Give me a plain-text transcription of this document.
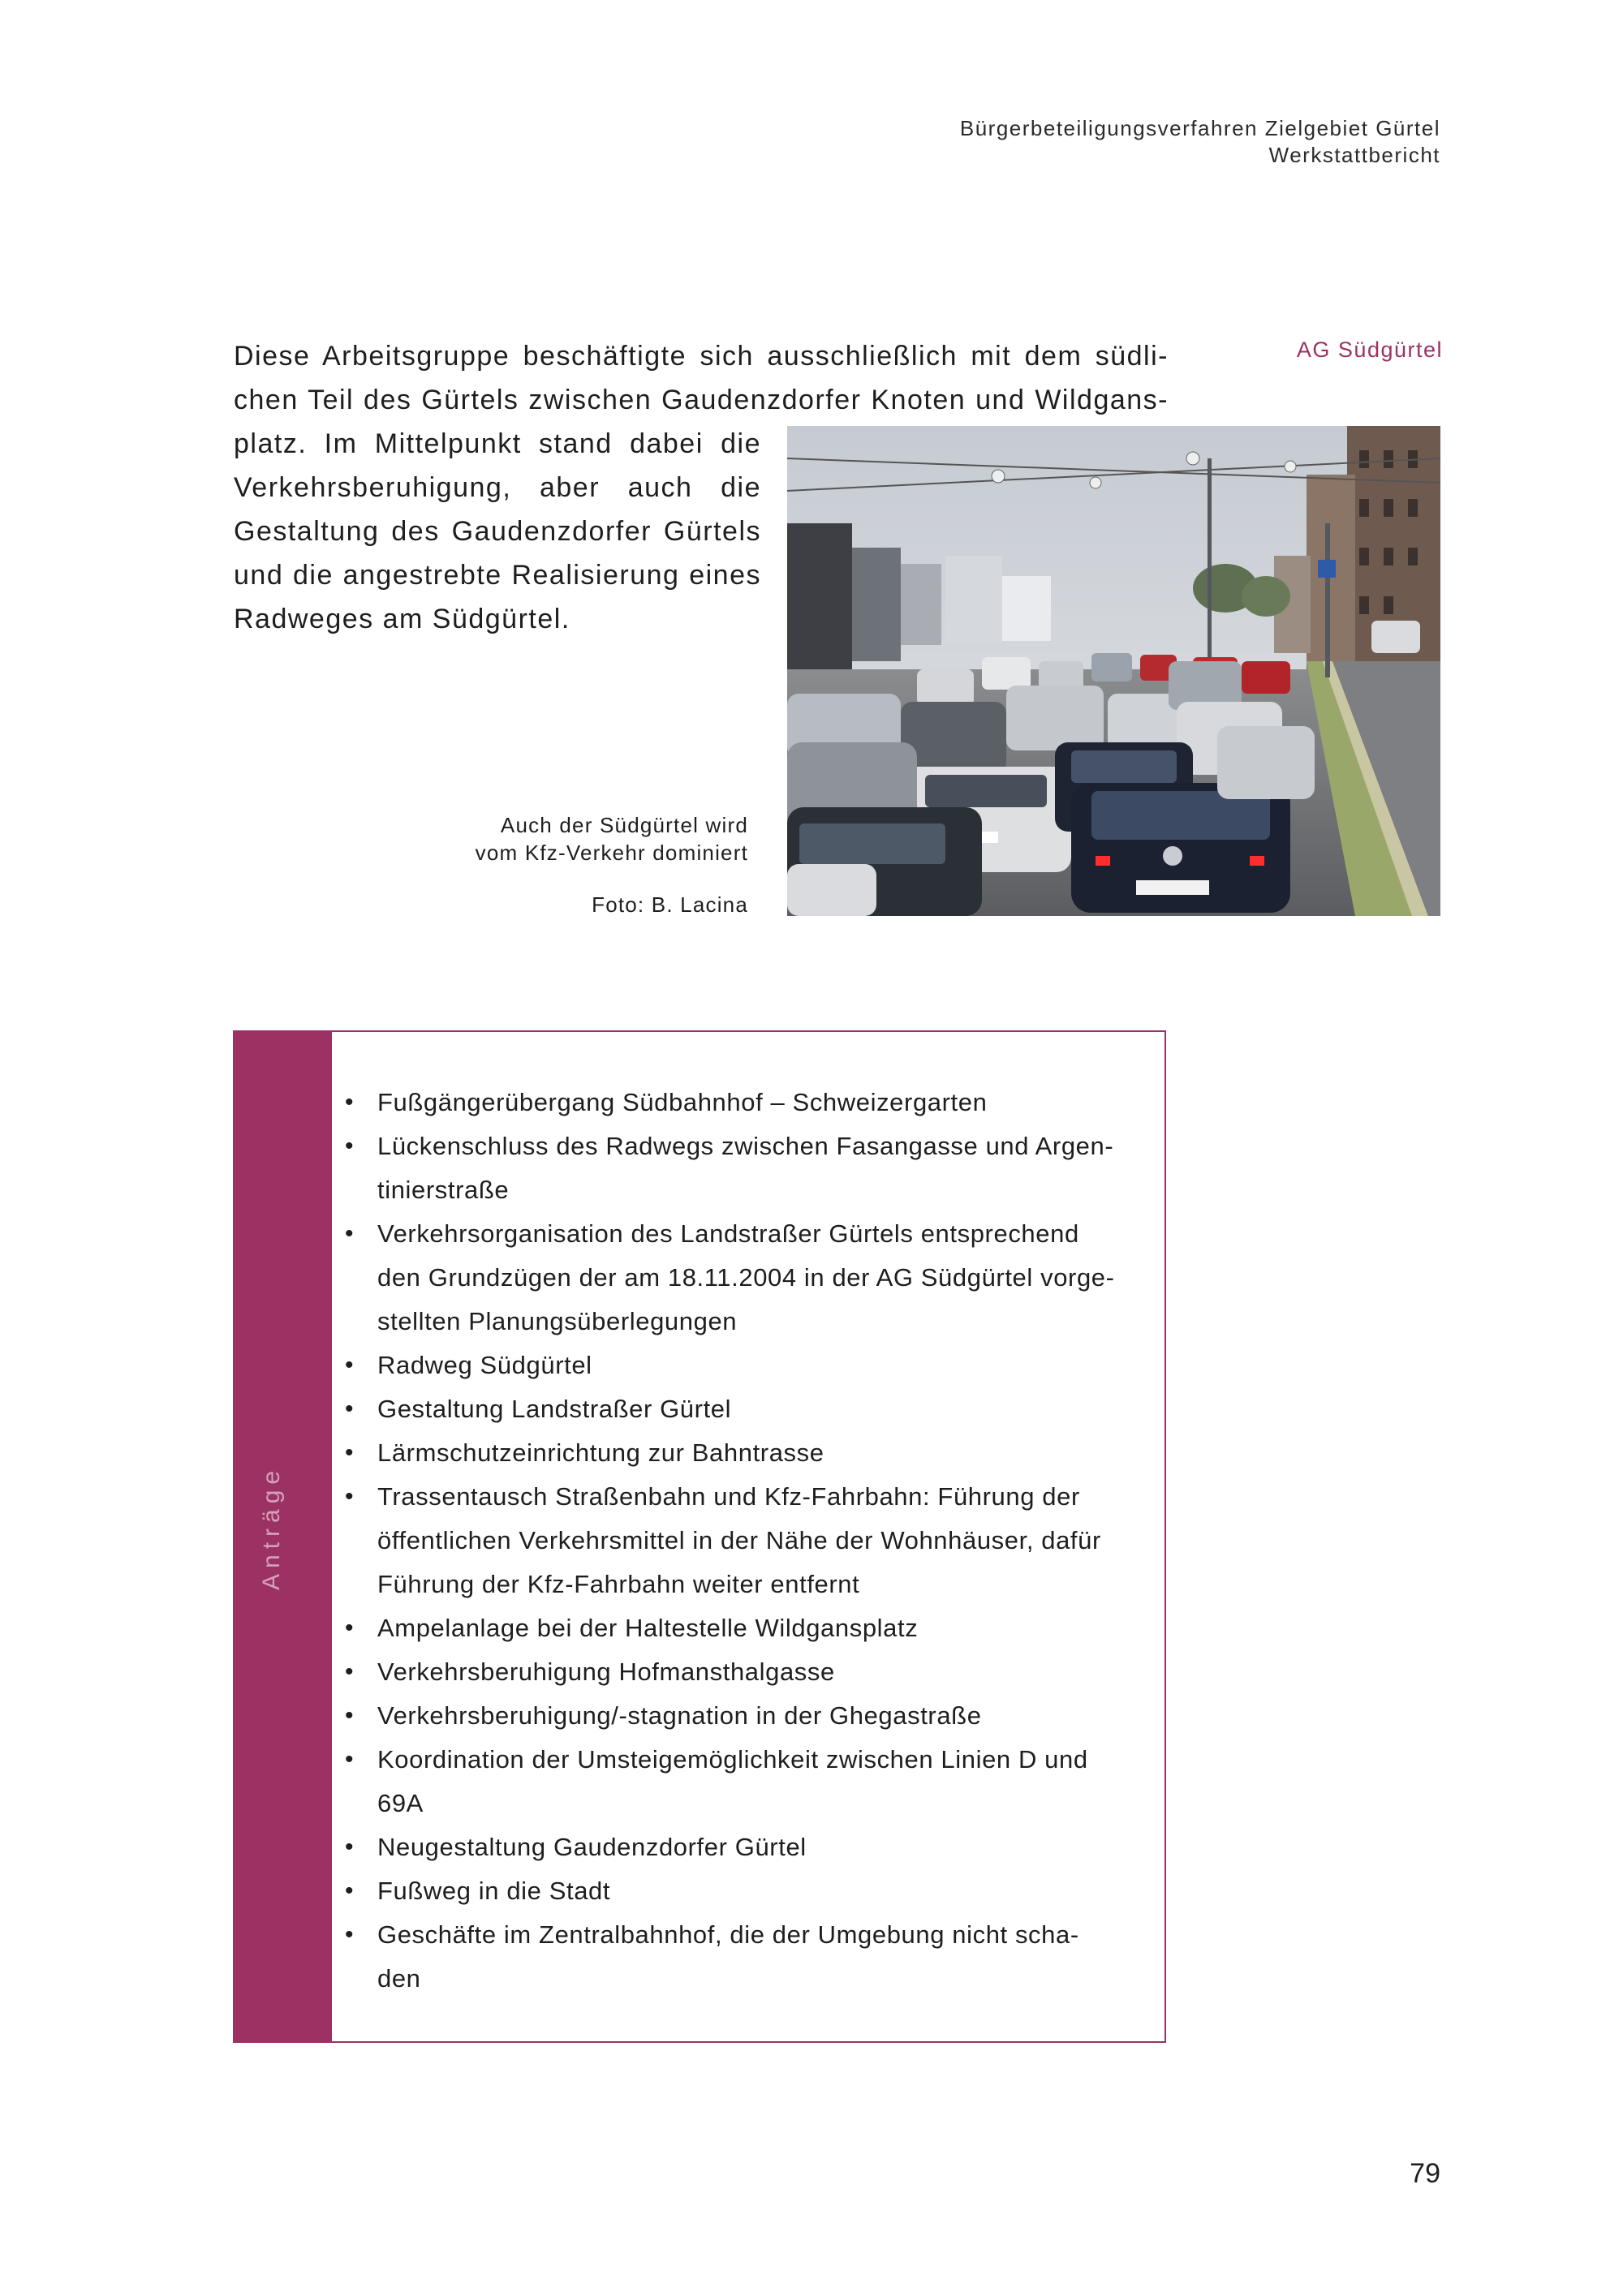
Bürgerbeteiligungsverfahren Zielgebiet Gürtel
Werkstattbericht
AG Südgürtel

Diese Arbeitsgruppe beschäftigte sich ausschließlich mit dem südli-
chen Teil des Gürtels zwischen Gaudenzdorfer Knoten und Wildgans-

platz. Im Mittelpunkt stand dabei die
Verkehrsberuhigung, aber auch die
Gestaltung des Gaudenzdorfer Gürtels
und die angestrebte Realisierung eines
Radweges am Südgürtel.

Auch der Südgürtel wird
vom Kfz-Verkehr dominiert
Foto: B. Lacina
Anträge
• Fußgängerübergang Südbahnhof – Schweizergarten
• Lückenschluss des Radwegs zwischen Fasangasse und Argen-
tinierstraße
• Verkehrsorganisation des Landstraßer Gürtels entsprechend
den Grundzügen der am 18.11.2004 in der AG Südgürtel vorge-
stellten Planungsüberlegungen
• Radweg Südgürtel
• Gestaltung Landstraßer Gürtel
• Lärmschutzeinrichtung zur Bahntrasse
• Trassentausch Straßenbahn und Kfz-Fahrbahn: Führung der
öffentlichen Verkehrsmittel in der Nähe der Wohnhäuser, dafür
Führung der Kfz-Fahrbahn weiter entfernt
• Ampelanlage bei der Haltestelle Wildgansplatz
• Verkehrsberuhigung Hofmansthalgasse
• Verkehrsberuhigung/-stagnation in der Ghegastraße
• Koordination der Umsteigemöglichkeit zwischen Linien D und
69A
• Neugestaltung Gaudenzdorfer Gürtel
• Fußweg in die Stadt
• Geschäfte im Zentralbahnhof, die der Umgebung nicht scha-
den
79
